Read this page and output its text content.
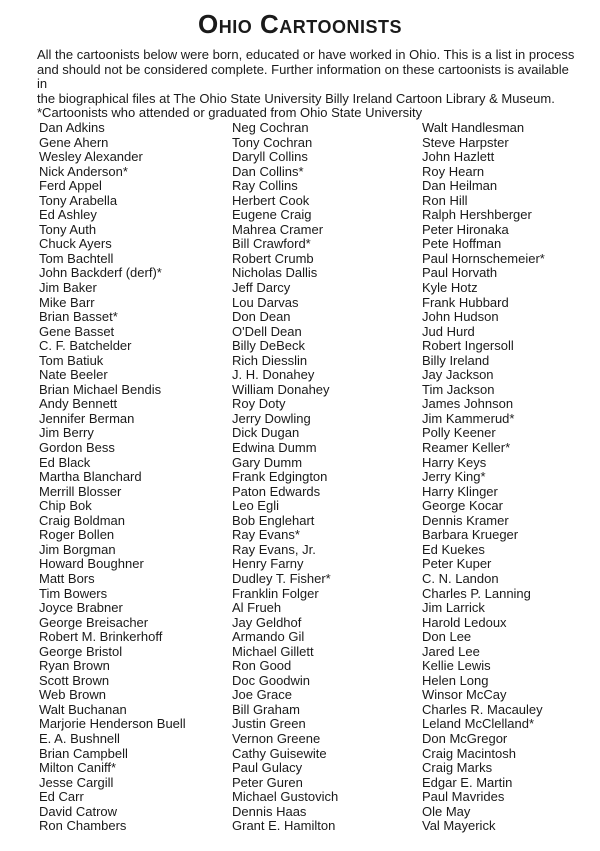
Ohio Cartoonists

All the cartoonists below were born, educated or have worked in Ohio. This is a list in process

and should not be considered complete. Further information on these cartoonists is available in

the biographical files at The Ohio State University Billy Ireland Cartoon Library & Museum.

*Cartoonists who attended or graduated from Ohio State University

Dan Adkins
Gene Ahern
Wesley Alexander
Nick Anderson*
Ferd Appel
Tony Arabella
Ed Ashley
Tony Auth
Chuck Ayers
Tom Bachtell
John Backderf (derf)*
Jim Baker
Mike Barr
Brian Basset*
Gene Basset
C. F. Batchelder
Tom Batiuk
Nate Beeler
Brian Michael Bendis
Andy Bennett
Jennifer Berman
Jim Berry
Gordon Bess
Ed Black
Martha Blanchard
Merrill Blosser
Chip Bok
Craig Boldman
Roger Bollen
Jim Borgman
Howard Boughner
Matt Bors
Tim Bowers
Joyce Brabner
George Breisacher
Robert M. Brinkerhoff
George Bristol
Ryan Brown
Scott Brown
Web Brown
Walt Buchanan
Marjorie Henderson Buell
E. A. Bushnell
Brian Campbell
Milton Caniff*
Jesse Cargill
Ed Carr
David Catrow
Ron Chambers
Neg Cochran
Tony Cochran
Daryll Collins
Dan Collins*
Ray Collins
Herbert Cook
Eugene Craig
Mahrea Cramer
Bill Crawford*
Robert Crumb
Nicholas Dallis
Jeff Darcy
Lou Darvas
Don Dean
O'Dell Dean
Billy DeBeck
Rich Diesslin
J. H. Donahey
William Donahey
Roy Doty
Jerry Dowling
Dick Dugan
Edwina Dumm
Gary Dumm
Frank Edgington
Paton Edwards
Leo Egli
Bob Englehart
Ray Evans*
Ray Evans, Jr.
Henry Farny
Dudley T. Fisher*
Franklin Folger
Al Frueh
Jay Geldhof
Armando Gil
Michael Gillett
Ron Good
Doc Goodwin
Joe Grace
Bill Graham
Justin Green
Vernon Greene
Cathy Guisewite
Paul Gulacy
Peter Guren
Michael Gustovich
Dennis Haas
Grant E. Hamilton
Walt Handlesman
Steve Harpster
John Hazlett
Roy Hearn
Dan Heilman
Ron Hill
Ralph Hershberger
Peter Hironaka
Pete Hoffman
Paul Hornschemeier*
Paul Horvath
Kyle Hotz
Frank Hubbard
John Hudson
Jud Hurd
Robert Ingersoll
Billy Ireland
Jay Jackson
Tim Jackson
James Johnson
Jim Kammerud*
Polly Keener
Reamer Keller*
Harry Keys
Jerry King*
Harry Klinger
George Kocar
Dennis Kramer
Barbara Krueger
Ed Kuekes
Peter Kuper
C. N. Landon
Charles P. Lanning
Jim Larrick
Harold Ledoux
Don Lee
Jared Lee
Kellie Lewis
Helen Long
Winsor McCay
Charles R. Macauley
Leland McClelland*
Don McGregor
Craig Macintosh
Craig Marks
Edgar E. Martin
Paul Mavrides
Ole May
Val Mayerick
